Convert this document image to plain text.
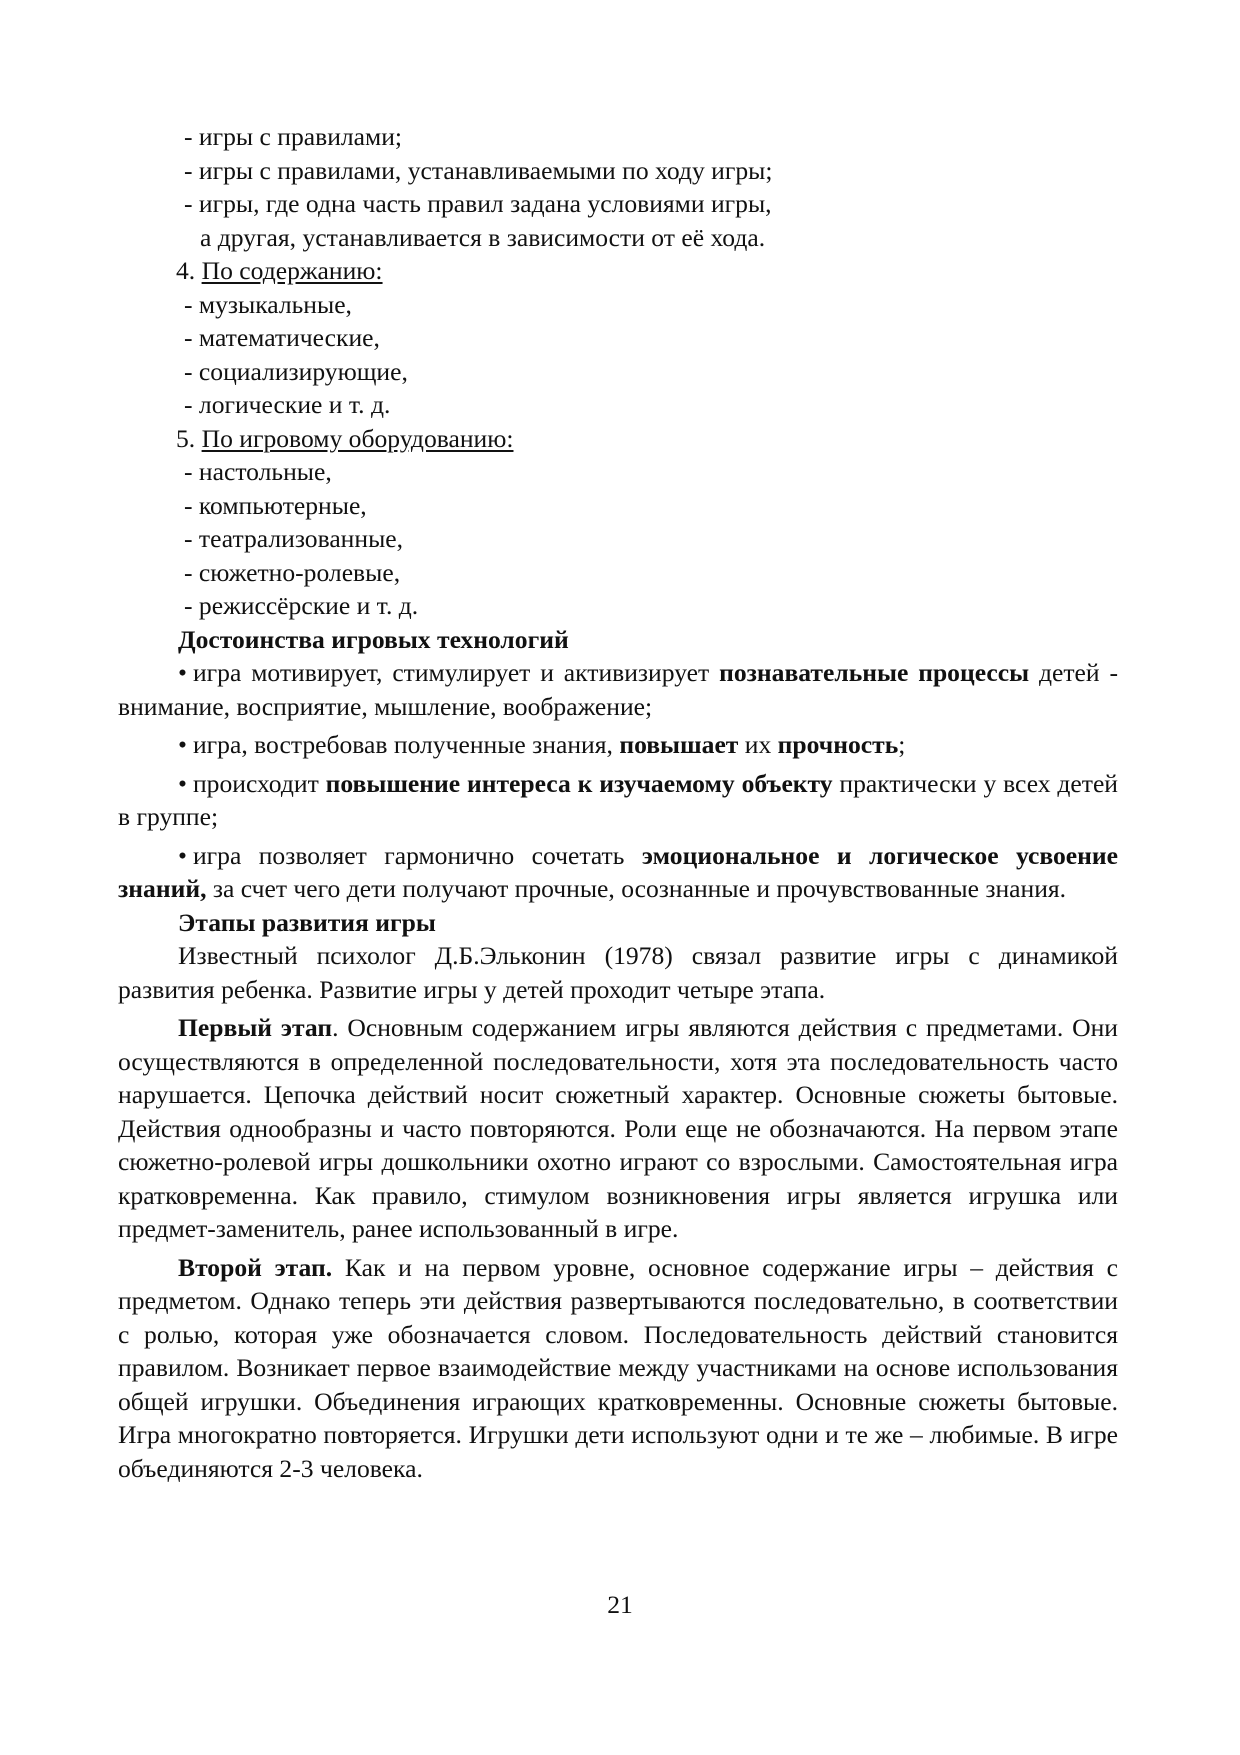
- игры с правилами;
- игры с правилами, устанавливаемыми по ходу игры;
- игры, где одна часть правил задана условиями игры,
а другая, устанавливается в зависимости от её хода.
4. По содержанию:
- музыкальные,
- математические,
- социализирующие,
- логические и т. д.
5. По игровому оборудованию:
- настольные,
- компьютерные,
- театрализованные,
- сюжетно-ролевые,
- режиссёрские и т. д.
Достоинства игровых технологий
• игра мотивирует, стимулирует и активизирует познавательные процессы детей - внимание, восприятие, мышление, воображение;
• игра, востребовав полученные знания, повышает их прочность;
• происходит повышение интереса к изучаемому объекту практически у всех детей в группе;
• игра позволяет гармонично сочетать эмоциональное и логическое усвоение знаний, за счет чего дети получают прочные, осознанные и прочувствованные знания.
Этапы развития игры
Известный психолог Д.Б.Эльконин (1978) связал развитие игры с динамикой развития ребенка. Развитие игры у детей проходит четыре этапа.
Первый этап. Основным содержанием игры являются действия с предметами. Они осуществляются в определенной последовательности, хотя эта последовательность часто нарушается. Цепочка действий носит сюжетный характер. Основные сюжеты бытовые. Действия однообразны и часто повторяются. Роли еще не обозначаются. На первом этапе сюжетно-ролевой игры дошкольники охотно играют со взрослыми. Самостоятельная игра кратковременна. Как правило, стимулом возникновения игры является игрушка или предмет-заменитель, ранее использованный в игре.
Второй этап. Как и на первом уровне, основное содержание игры – действия с предметом. Однако теперь эти действия развертываются последовательно, в соответствии с ролью, которая уже обозначается словом. Последовательность действий становится правилом. Возникает первое взаимодействие между участниками на основе использования общей игрушки. Объединения играющих кратковременны. Основные сюжеты бытовые. Игра многократно повторяется. Игрушки дети используют одни и те же – любимые. В игре объединяются 2-3 человека.
21
